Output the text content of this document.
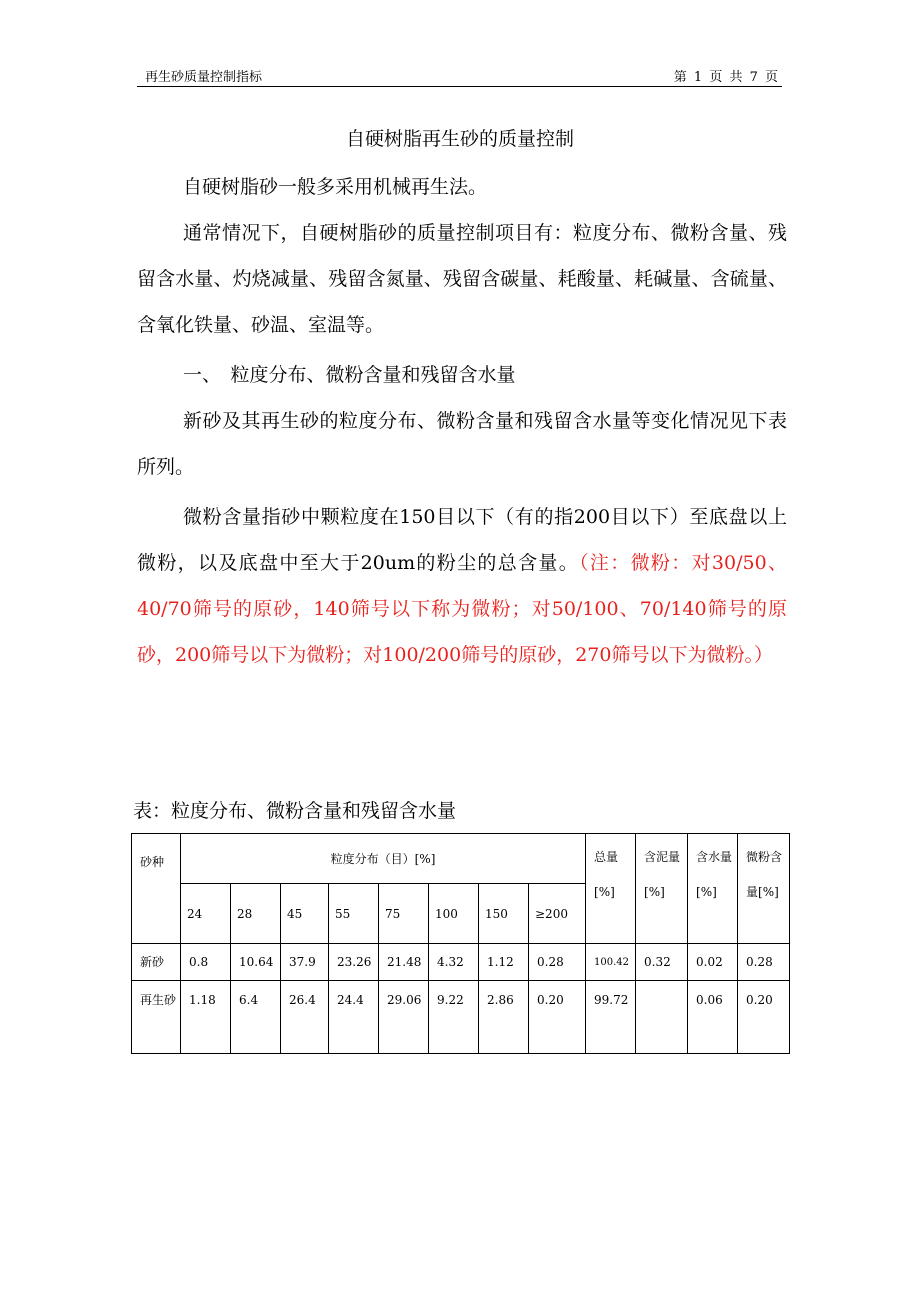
再生砂质量控制指标	第 1 页 共 7 页
自硬树脂再生砂的质量控制
自硬树脂砂一般多采用机械再生法。
通常情况下，自硬树脂砂的质量控制项目有：粒度分布、微粉含量、残留含水量、灼烧减量、残留含氮量、残留含碳量、耗酸量、耗碱量、含硫量、含氧化铁量、砂温、室温等。
一、　粒度分布、微粉含量和残留含水量
新砂及其再生砂的粒度分布、微粉含量和残留含水量等变化情况见下表所列。
微粉含量指砂中颗粒度在150目以下（有的指200目以下）至底盘以上微粉，以及底盘中至大于20um的粉尘的总含量。（注：微粉：对30/50、40/70筛号的原砂，140筛号以下称为微粉；对50/100、70/140筛号的原砂，200筛号以下为微粉；对100/200筛号的原砂，270筛号以下为微粉。）
表：粒度分布、微粉含量和残留含水量
砂种	粒度分布（目）[%]								总量[%]	含泥量[%]	含水量[%]	微粉含量[%]
	24	28	45	55	75	100	150	≥200				
新砂	0.8	10.64	37.9	23.26	21.48	4.32	1.12	0.28	100.42	0.32	0.02	0.28
再生砂	1.18	6.4	26.4	24.4	29.06	9.22	2.86	0.20	99.72		0.06	0.20
